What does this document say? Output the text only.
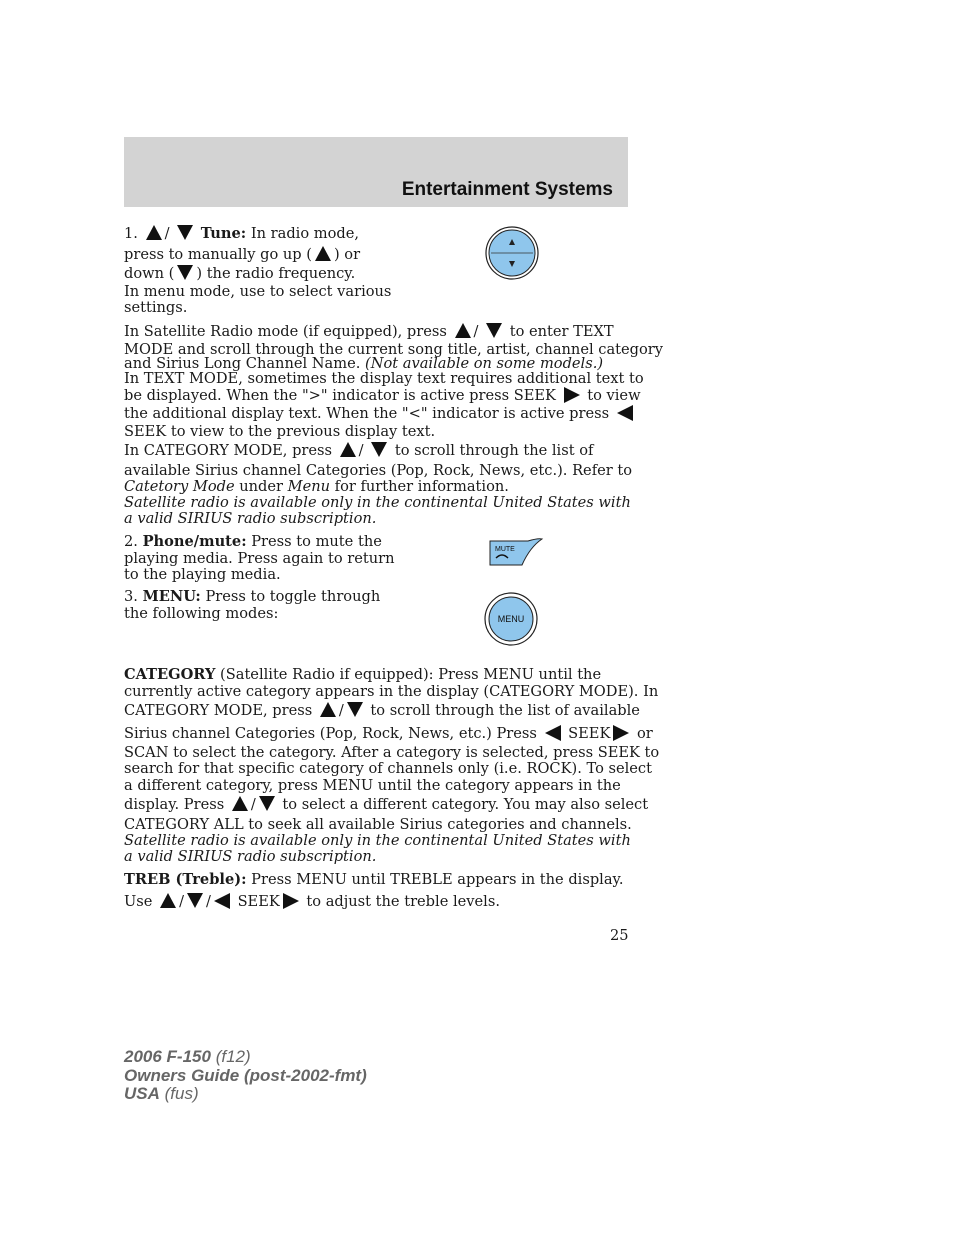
Entertainment Systems
1. / Tune: In radio mode,
press to manually go up ( ) or
down ( ) the radio frequency.
In menu mode, use to select various
settings.
In Satellite Radio mode (if equipped), press / to enter TEXT
MODE and scroll through the current song title, artist, channel category
and Sirius Long Channel Name. (Not available on some models.)
In TEXT MODE, sometimes the display text requires additional text to
be displayed. When the ">" indicator is active press SEEK to view
the additional display text. When the "<" indicator is active press
SEEK to view to the previous display text.
In CATEGORY MODE, press / to scroll through the list of
available Sirius channel Categories (Pop, Rock, News, etc.). Refer to
Catetory Mode under Menu for further information.
Satellite radio is available only in the continental United States with
a valid SIRIUS radio subscription.
2. Phone/mute: Press to mute the
playing media. Press again to return
to the playing media.
MUTE
3. MENU: Press to toggle through
the following modes:	MENU
CATEGORY (Satellite Radio if equipped): Press MENU until the
currently active category appears in the display (CATEGORY MODE). In
CATEGORY MODE, press / to scroll through the list of available
Sirius channel Categories (Pop, Rock, News, etc.) Press SEEK or
SCAN to select the category. After a category is selected, press SEEK to
search for that specific category of channels only (i.e. ROCK). To select
a different category, press MENU until the category appears in the
display. Press / to select a different category. You may also select
CATEGORY ALL to seek all available Sirius categories and channels.
Satellite radio is available only in the continental United States with
a valid SIRIUS radio subscription.
TREB (Treble): Press MENU until TREBLE appears in the display.
Use / / SEEK to adjust the treble levels.
25
2006 F-150 (f12)
Owners Guide (post-2002-fmt)
USA (fus)
